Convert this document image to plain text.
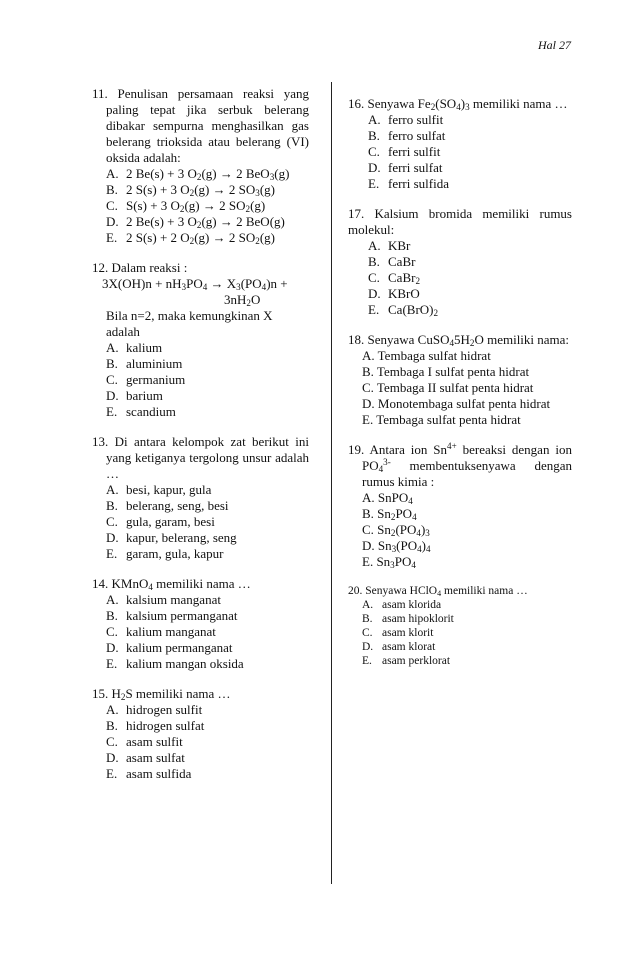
Hal 27
11. Penulisan persamaan reaksi yang paling tepat jika serbuk belerang dibakar sempurna menghasilkan gas belerang trioksida atau belerang (VI) oksida adalah:
A. 2 Be(s) + 3 $O_2(g) \to 2$ BeO$_3$(g)
B. 2 S(s) + 3 $O_2(g) \to 2$ $SO_3(g)$
C. S(s) + 3 $O_2(g) \to 2$ $SO_2(g)$
D. 2 Be(s) + 3 $O_2(g) \to 2$ BeO(g)
E. 2 S(s) + 2 $O_2(g) \to 2$ $SO_2(g)$
12. Dalam reaksi :
$3X(OH)n + nH_3PO_4 \to X_3(PO_4)n$ +
$3nH_2O$
Bila n=2, maka kemungkinan X adalah
A. kalium
B. aluminium
C. germanium
D. barium
E. scandium
13. Di antara kelompok zat berikut ini yang ketiganya tergolong unsur adalah …
A. besi, kapur, gula
B. belerang, seng, besi
C. gula, garam, besi
D. kapur, belerang, seng
E. garam, gula, kapur
14. KMnO$_4$ memiliki nama …
A. kalsium manganat
B. kalsium permanganat
C. kalium manganat
D. kalium permanganat
E. kalium mangan oksida
15. $H_2S$ memiliki nama …
A. hidrogen sulfit
B. hidrogen sulfat
C. asam sulfit
D. asam sulfat
E. asam sulfida
16. Senyawa $Fe_2(SO_4)_3$ memiliki nama …
A. ferro sulfit
B. ferro sulfat
C. ferri sulfit
D. ferri sulfat
E. ferri sulfida
17. Kalsium bromida memiliki rumus molekul:
A. KBr
B. CaBr
C. CaBr$_2$
D. KBrO
E. $Ca(BrO)_2$
18. Senyawa $CuSO_45H_2O$ memiliki nama:
A. Tembaga sulfat hidrat
B. Tembaga I sulfat penta hidrat
C. Tembaga II sulfat penta hidrat
D. Monotembaga sulfat penta hidrat
E. Tembaga sulfat penta hidrat
19. Antara ion $Sn^{4+}$ bereaksi dengan ion $PO_4^{3-}$ membentuksenyawa dengan rumus kimia :
A. SnPO$_4$
B. $Sn_2PO_4$
C. $Sn_2(PO_4)_3$
D. $Sn_3(PO_4)_4$
E. $Sn_3PO_4$
20. Senyawa HClO$_4$ memiliki nama …
A. asam klorida
B. asam hipoklorit
C. asam klorit
D. asam klorat
E. asam perklorat
